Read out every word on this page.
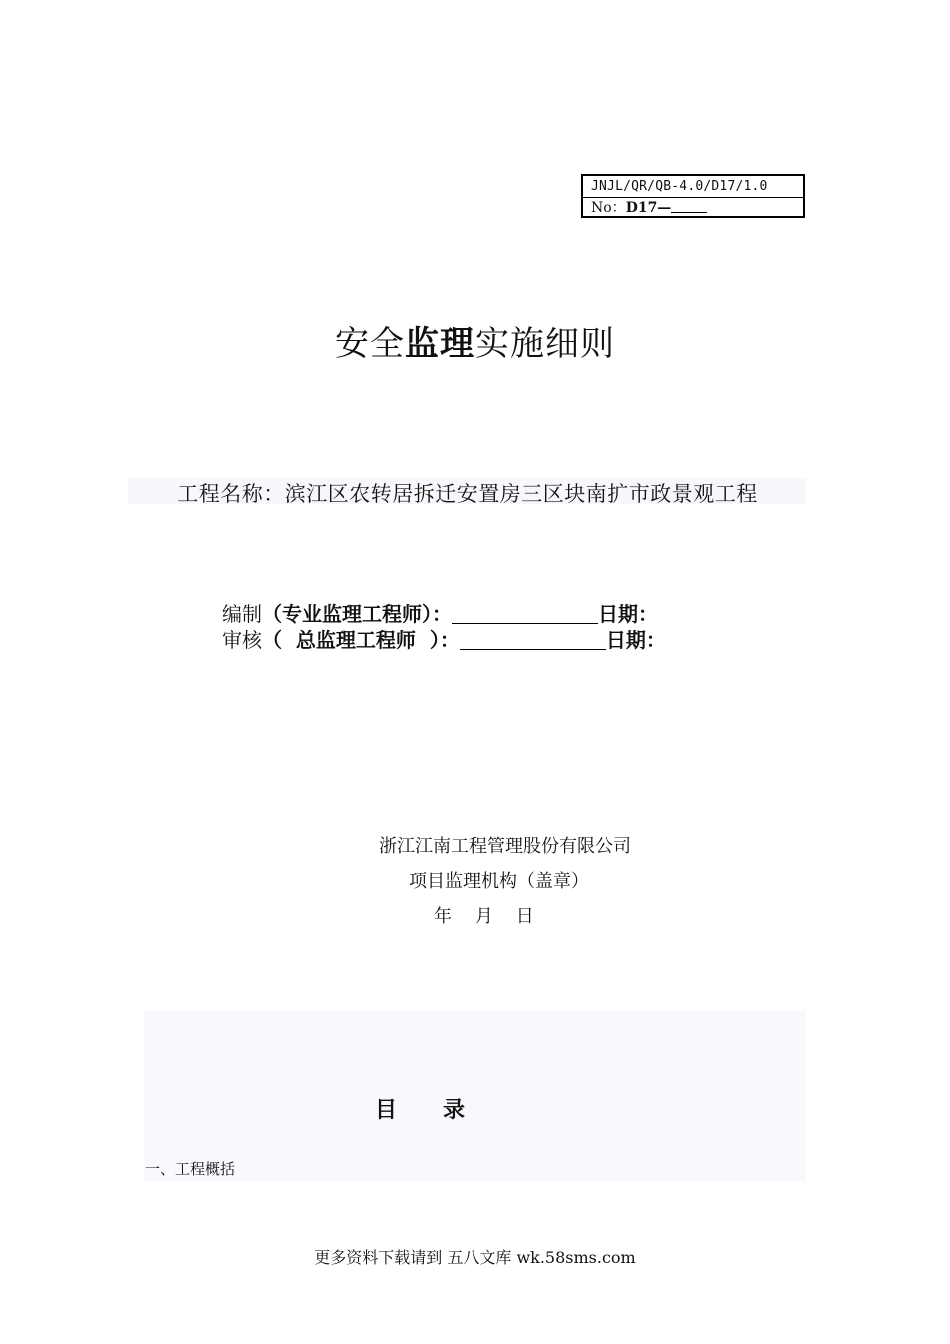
JNJL/QR/QB-4.0/D17/1.0
No：D17—
安全监理实施细则
工程名称：滨江区农转居拆迁安置房三区块南扩市政景观工程
编制（专业监理工程师）：	日期：
审核（  总监理工程师  ）：	日期：
浙江江南工程管理股份有限公司
项目监理机构（盖章）
年    月    日
目      录
一、工程概括
更多资料下载请到 五八文库 wk.58sms.com
